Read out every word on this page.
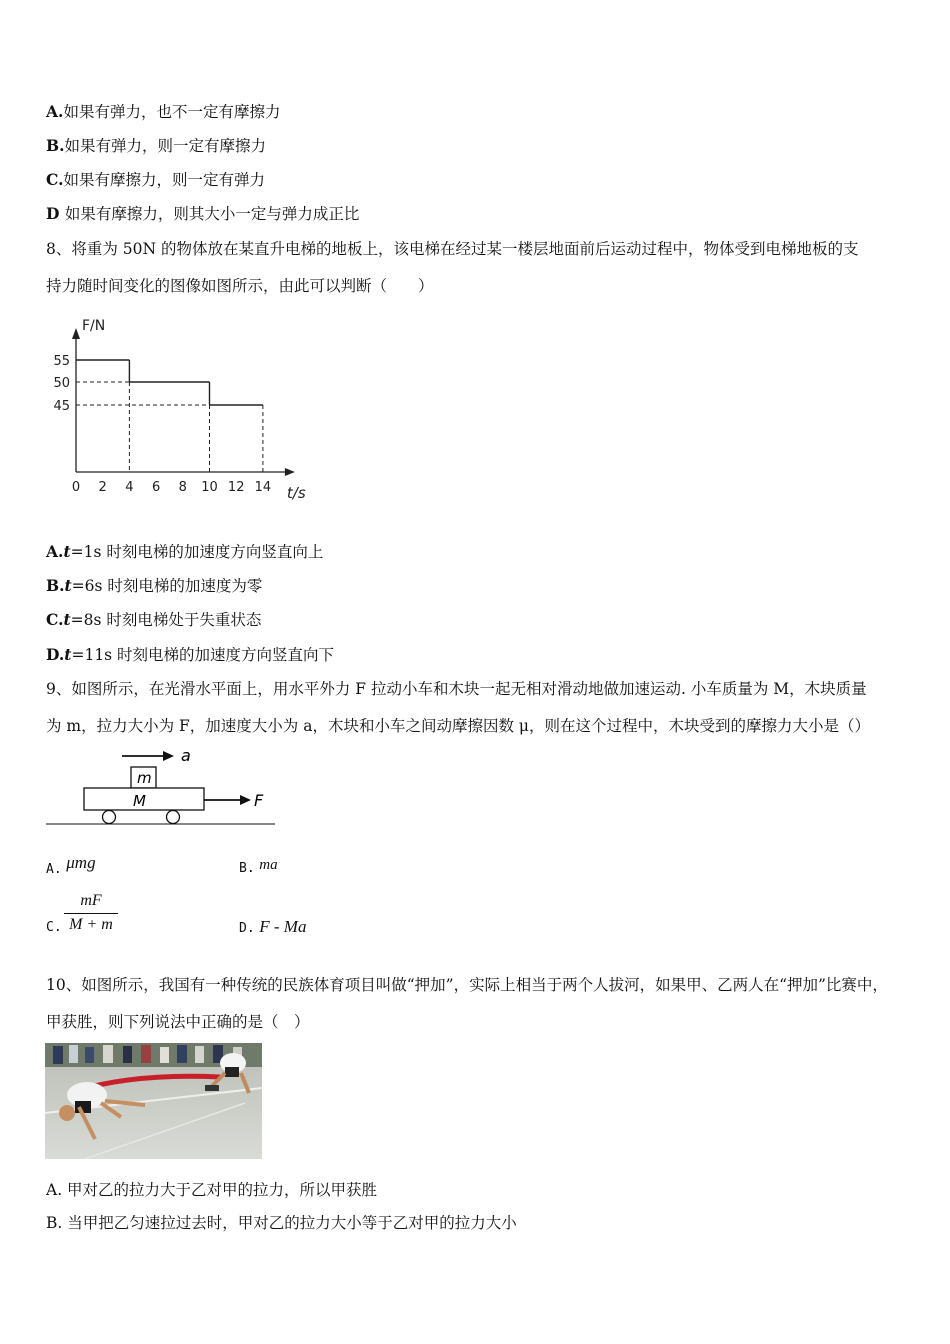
A.如果有弹力，也不一定有摩擦力
B.如果有弹力，则一定有摩擦力
C.如果有摩擦力，则一定有弹力
D 如果有摩擦力，则其大小一定与弹力成正比
8、将重为 50N 的物体放在某直升电梯的地板上，该电梯在经过某一楼层地面前后运动过程中，物体受到电梯地板的支
持力随时间变化的图像如图所示，由此可以判断（　　）
F/N
t/s
0 2 4 6 8 10 12 14
45
50
55
A.t=1s 时刻电梯的加速度方向竖直向上
B.t=6s 时刻电梯的加速度为零
C.t=8s 时刻电梯处于失重状态
D.t=11s 时刻电梯的加速度方向竖直向下
9、如图所示，在光滑水平面上，用水平外力 F 拉动小车和木块一起无相对滑动地做加速运动. 小车质量为 M，木块质量
为 m，拉力大小为 F，加速度大小为 a，木块和小车之间动摩擦因数 μ，则在这个过程中，木块受到的摩擦力大小是（）
a
m
M	F
A. μmg	B. ma
C.
mF
M + m	D. F - Ma
10、如图所示，我国有一种传统的民族体育项目叫做“押加”，实际上相当于两个人拔河，如果甲、乙两人在“押加”比赛中，
甲获胜，则下列说法中正确的是（　）
A. 甲对乙的拉力大于乙对甲的拉力，所以甲获胜
B. 当甲把乙匀速拉过去时，甲对乙的拉力大小等于乙对甲的拉力大小
